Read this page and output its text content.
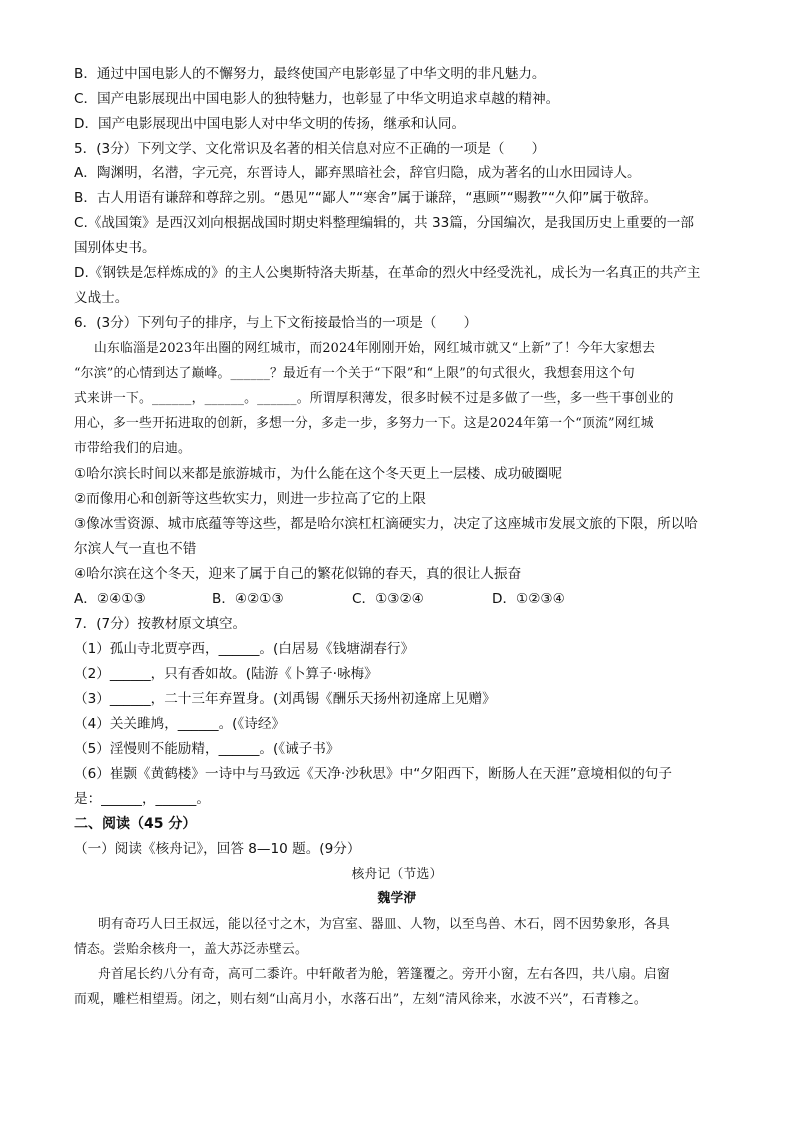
B．通过中国电影人的不懈努力，最终使国产电影彰显了中华文明的非凡魅力。
C．国产电影展现出中国电影人的独特魅力，也彰显了中华文明追求卓越的精神。
D．国产电影展现出中国电影人对中华文明的传扬，继承和认同。
5．(3分）下列文学、文化常识及名著的相关信息对应不正确的一项是（　　）
A．陶渊明，名潜，字元亮，东晋诗人，鄙弃黑暗社会，辞官归隐，成为著名的山水田园诗人。
B．古人用语有谦辞和尊辞之别。“愚见”“鄙人”“寒舍”属于谦辞，“惠顾”“赐教”“久仰”属于敬辞。
C.《战国策》是西汉刘向根据战国时期史料整理编辑的，共 33篇，分国编次，是我国历史上重要的一部
国别体史书。
D.《钢铁是怎样炼成的》的主人公奥斯特洛夫斯基，在革命的烈火中经受洗礼，成长为一名真正的共产主
义战士。
6．(3分）下列句子的排序，与上下文衔接最恰当的一项是（　　）
山东临淄是2023年出圈的网红城市，而2024年刚刚开始，网红城市就又“上新”了！今年大家想去
“尔滨”的心情到达了巅峰。______？最近有一个关于“下限”和“上限”的句式很火，我想套用这个句
式来讲一下。______，______。______。所谓厚积薄发，很多时候不过是多做了一些，多一些干事创业的
用心，多一些开拓进取的创新，多想一分，多走一步，多努力一下。这是2024年第一个“顶流”网红城
市带给我们的启迪。
①哈尔滨长时间以来都是旅游城市，为什么能在这个冬天更上一层楼、成功破圈呢
②而像用心和创新等这些软实力，则进一步拉高了它的上限
③像冰雪资源、城市底蕴等等这些，都是哈尔滨杠杠滴硬实力，决定了这座城市发展文旅的下限，所以哈
尔滨人气一直也不错
④哈尔滨在这个冬天，迎来了属于自己的繁花似锦的春天，真的很让人振奋
A．②④①③	B．④②①③	C．①③②④	D．①②③④
7．(7分）按教材原文填空。
（1）孤山寺北贾亭西，______。(白居易《钱塘湖春行》
（2）______，只有香如故。(陆游《卜算子·咏梅》
（3）______，二十三年弃置身。(刘禹锡《酬乐天扬州初逢席上见赠》
（4）关关雎鸠，______。(《诗经》
（5）淫慢则不能励精，______。(《诫子书》
（6）崔颢《黄鹤楼》一诗中与马致远《天净·沙秋思》中“夕阳西下，断肠人在天涯”意境相似的句子
是：______，______。
二、阅读（45 分）
（一）阅读《核舟记》，回答 8—10 题。(9分）
核舟记（节选）
魏学洢
明有奇巧人曰王叔远，能以径寸之木，为宫室、器皿、人物，以至鸟兽、木石，罔不因势象形，各具
情态。尝贻余核舟一，盖大苏泛赤壁云。
舟首尾长约八分有奇，高可二黍许。中轩敞者为舱，箬篷覆之。旁开小窗，左右各四，共八扇。启窗
而观，雕栏相望焉。闭之，则右刻“山高月小，水落石出”，左刻“清风徐来，水波不兴”，石青糁之。
